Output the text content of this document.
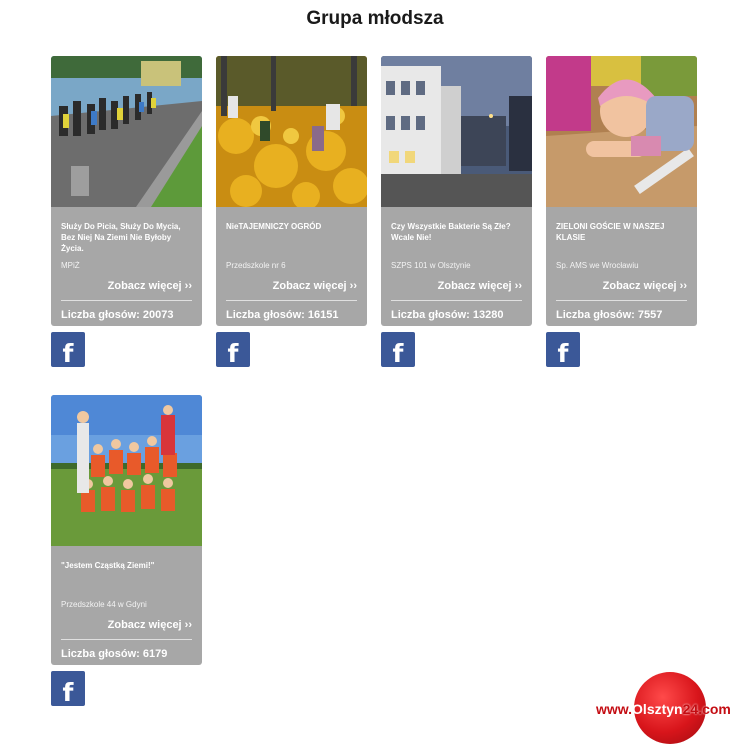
Grupa młodsza
Służy Do Picia, Służy Do Mycia, Bez Niej Na Ziemi Nie Byłoby Życia.
MPiŻ
Zobacz więcej ››
Liczba głosów: 20073
f
NieTAJEMNICZY OGRÓD
Przedszkole nr 6
Zobacz więcej ››
Liczba głosów: 16151
f
Czy Wszystkie Bakterie Są Złe? Wcale Nie!
SZPS 101 w Olsztynie
Zobacz więcej ››
Liczba głosów: 13280
f
ZIELONI GOŚCIE W NASZEJ KLASIE
Sp. AMS we Wrocławiu
Zobacz więcej ››
Liczba głosów: 7557
f
"Jestem Cząstką Ziemi!"
Przedszkole 44 w Gdyni
Zobacz więcej ››
Liczba głosów: 6179
f
www.Olsztyn24.com
